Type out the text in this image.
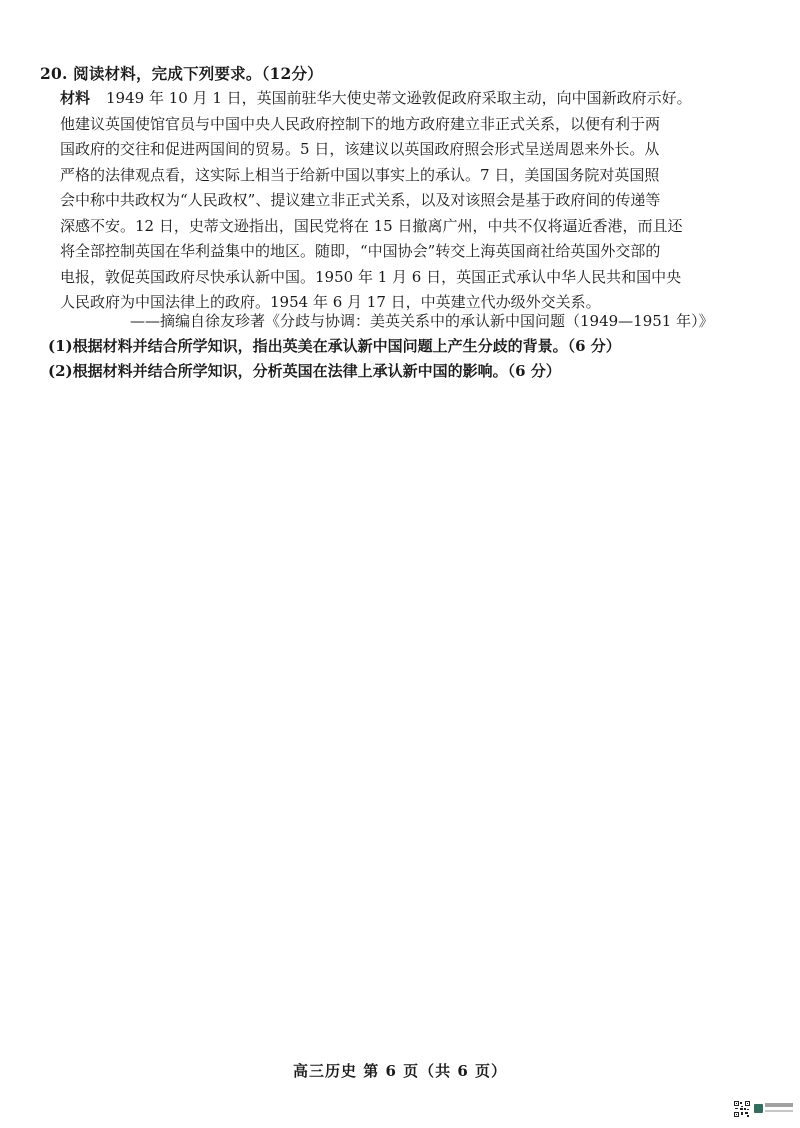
20. 阅读材料，完成下列要求。（12分）
材料 1949 年 10 月 1 日，英国前驻华大使史蒂文逊敦促政府采取主动，向中国新政府示好。
他建议英国使馆官员与中国中央人民政府控制下的地方政府建立非正式关系，以便有利于两
国政府的交往和促进两国间的贸易。5 日，该建议以英国政府照会形式呈送周恩来外长。从
严格的法律观点看，这实际上相当于给新中国以事实上的承认。7 日，美国国务院对英国照
会中称中共政权为“人民政权”、提议建立非正式关系，以及对该照会是基于政府间的传递等
深感不安。12 日，史蒂文逊指出，国民党将在 15 日撤离广州，中共不仅将逼近香港，而且还
将全部控制英国在华利益集中的地区。随即，“中国协会”转交上海英国商社给英国外交部的
电报，敦促英国政府尽快承认新中国。1950 年 1 月 6 日，英国正式承认中华人民共和国中央
人民政府为中国法律上的政府。1954 年 6 月 17 日，中英建立代办级外交关系。
——摘编自徐友珍著《分歧与协调：美英关系中的承认新中国问题（1949—1951 年）》
(1)根据材料并结合所学知识，指出英美在承认新中国问题上产生分歧的背景。（6 分）
(2)根据材料并结合所学知识，分析英国在法律上承认新中国的影响。（6 分）
高三历史 第 6 页（共 6 页）
